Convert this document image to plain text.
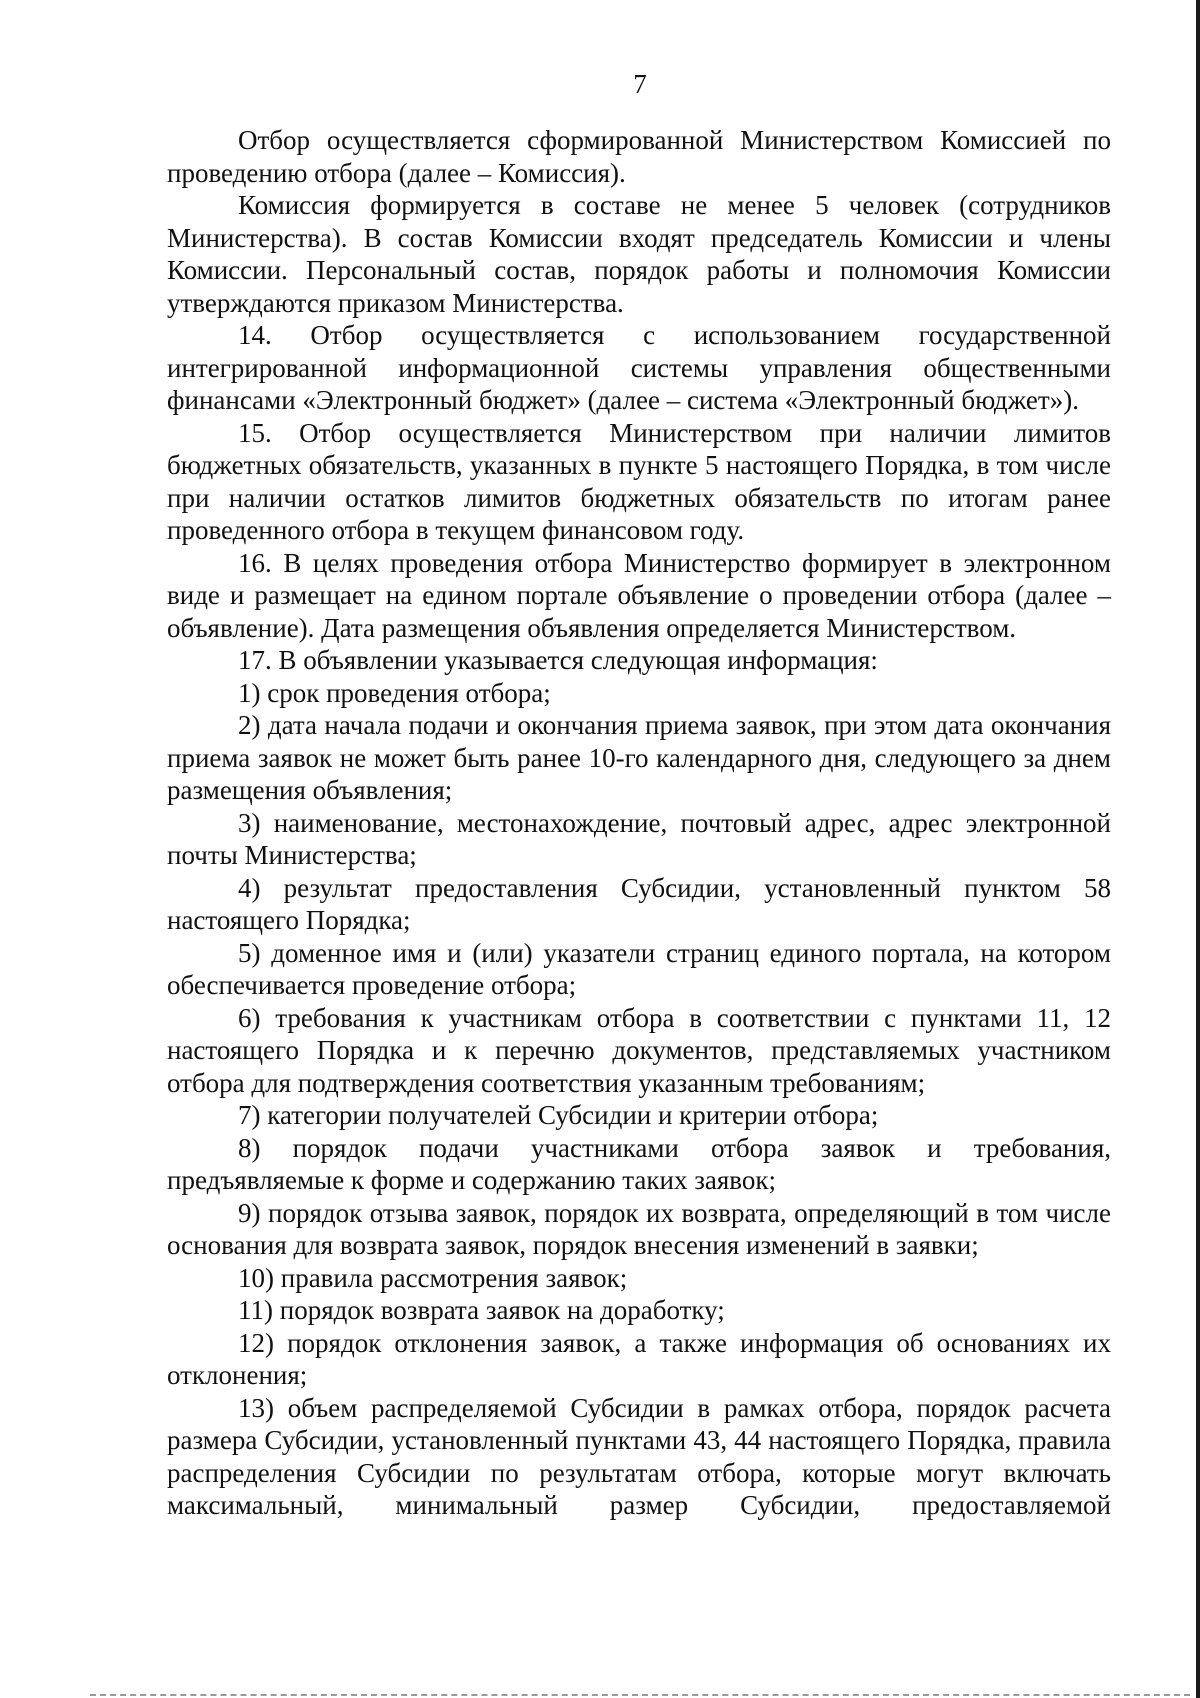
7

Отбор осуществляется сформированной Министерством Комиссией по проведению отбора (далее – Комиссия).

Комиссия формируется в составе не менее 5 человек (сотрудников Министерства). В состав Комиссии входят председатель Комиссии и члены Комиссии. Персональный состав, порядок работы и полномочия Комиссии утверждаются приказом Министерства.

14. Отбор осуществляется с использованием государственной интегрированной информационной системы управления общественными финансами «Электронный бюджет» (далее – система «Электронный бюджет»).

15. Отбор осуществляется Министерством при наличии лимитов бюджетных обязательств, указанных в пункте 5 настоящего Порядка, в том числе при наличии остатков лимитов бюджетных обязательств по итогам ранее проведенного отбора в текущем финансовом году.

16. В целях проведения отбора Министерство формирует в электронном виде и размещает на едином портале объявление о проведении отбора (далее – объявление). Дата размещения объявления определяется Министерством.

17. В объявлении указывается следующая информация:

1) срок проведения отбора;

2) дата начала подачи и окончания приема заявок, при этом дата окончания приема заявок не может быть ранее 10-го календарного дня, следующего за днем размещения объявления;

3) наименование, местонахождение, почтовый адрес, адрес электронной почты Министерства;

4) результат предоставления Субсидии, установленный пунктом 58 настоящего Порядка;

5) доменное имя и (или) указатели страниц единого портала, на котором обеспечивается проведение отбора;

6) требования к участникам отбора в соответствии с пунктами 11, 12 настоящего Порядка и к перечню документов, представляемых участником отбора для подтверждения соответствия указанным требованиям;

7) категории получателей Субсидии и критерии отбора;

8) порядок подачи участниками отбора заявок и требования, предъявляемые к форме и содержанию таких заявок;

9) порядок отзыва заявок, порядок их возврата, определяющий в том числе основания для возврата заявок, порядок внесения изменений в заявки;

10) правила рассмотрения заявок;

11) порядок возврата заявок на доработку;

12) порядок отклонения заявок, а также информация об основаниях их отклонения;

13) объем распределяемой Субсидии в рамках отбора, порядок расчета размера Субсидии, установленный пунктами 43, 44 настоящего Порядка, правила распределения Субсидии по результатам отбора, которые могут включать максимальный, минимальный размер Субсидии, предоставляемой
